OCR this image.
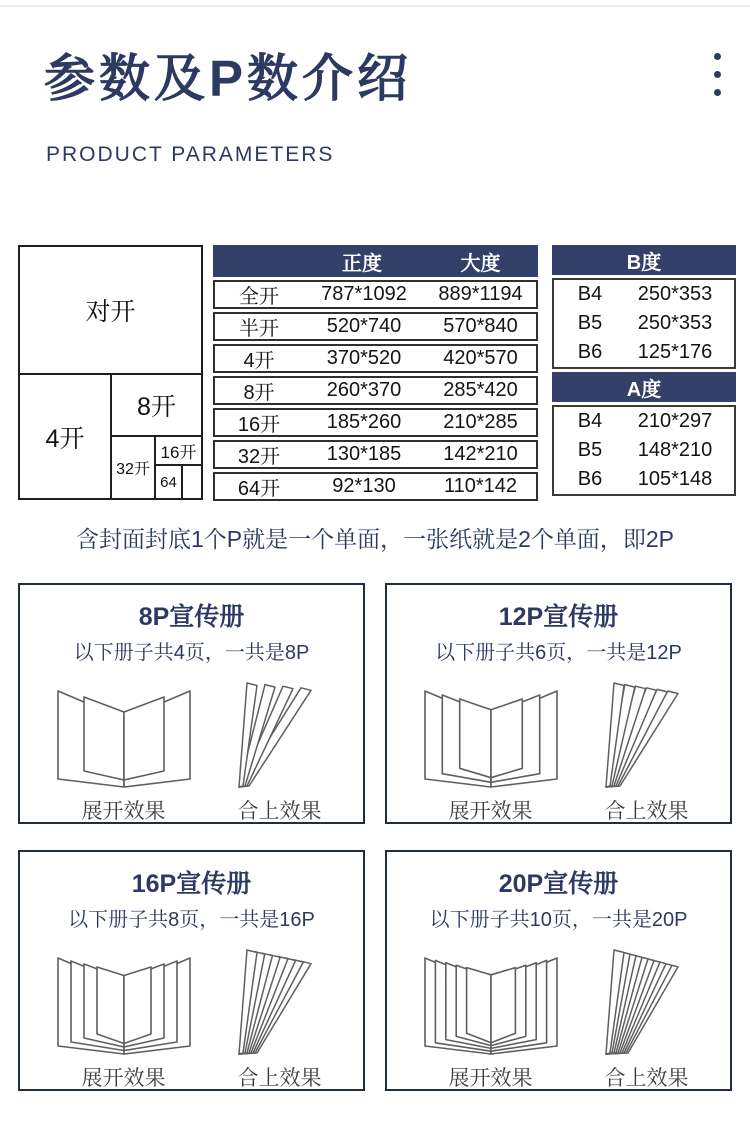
参数及P数介绍
PRODUCT PARAMETERS
对开
4开
8开
32开
16开
64
正度	大度
全开	787*1092	889*1194
半开	520*740	570*840
4开	370*520	420*570
8开	260*370	285*420
16开	185*260	210*285
32开	130*185	142*210
64开	92*130	110*142
B度
B4	250*353
B5	250*353
B6	125*176
A度
B4	210*297
B5	148*210
B6	105*148
含封面封底1个P就是一个单面，一张纸就是2个单面，即2P
8P宣传册
以下册子共4页，一共是8P
展开效果	合上效果
12P宣传册
以下册子共6页，一共是12P
展开效果	合上效果
16P宣传册
以下册子共8页，一共是16P
展开效果	合上效果
20P宣传册
以下册子共10页，一共是20P
展开效果	合上效果
